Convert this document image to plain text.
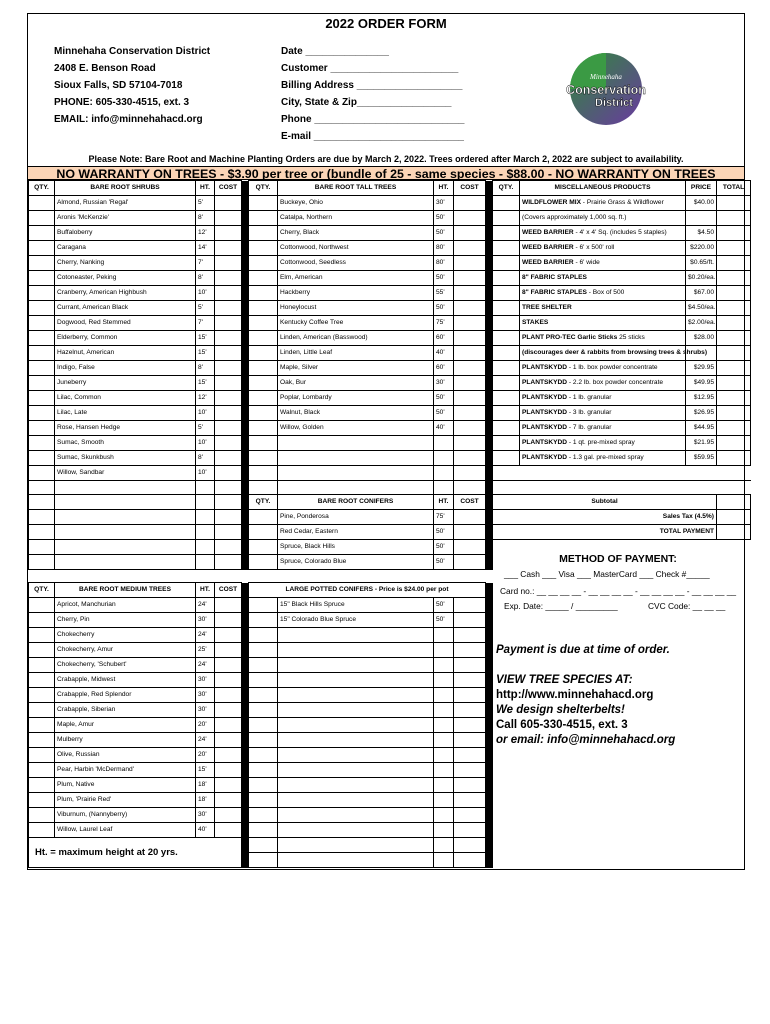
2022 ORDER FORM
Minnehaha Conservation District
2408 E. Benson Road
Sioux Falls, SD 57104-7018
PHONE: 605-330-4515, ext. 3
EMAIL: info@minnehahacd.org
Date _______________
Customer _______________________
Billing Address ___________________
City, State & Zip_________________
Phone ___________________________
E-mail ___________________________
Minnehaha
Conservation
District
Please Note: Bare Root and Machine Planting Orders are due by March 2, 2022. Trees ordered after March 2, 2022 are subject to availability.
NO WARRANTY ON TREES - $3.90 per tree or (bundle of 25 - same species - $88.00 - NO WARRANTY ON TREES
QTY.	BARE ROOT SHRUBS	HT.	COST		QTY.	BARE ROOT TALL TREES	HT.	COST		QTY.	MISCELLANEOUS PRODUCTS	PRICE	TOTAL
	Almond, Russian 'Regal'	5'				Buckeye, Ohio	30'				WILDFLOWER MIX - Prairie Grass & Wildflower	$40.00	
	Aronis 'McKenzie'	8'				Catalpa, Northern	50'				(Covers approximately 1,000 sq. ft.)		
	Buffaloberry	12'				Cherry, Black	50'				WEED BARRIER - 4' x 4' Sq. (includes 5 staples)	$4.50	
	Caragana	14'				Cottonwood, Northwest	80'				WEED BARRIER - 6' x 500' roll	$220.00	
	Cherry, Nanking	7'				Cottonwood, Seedless	80'				WEED BARRIER - 6' wide	$0.65/ft.	
	Cotoneaster, Peking	8'				Elm, American	50'				8" FABRIC STAPLES	$0.20/ea.	
	Cranberry, American Highbush	10'				Hackberry	55'				8" FABRIC STAPLES - Box of 500	$67.00	
	Currant, American Black	5'				Honeylocust	50'				TREE SHELTER	$4.50/ea.	
	Dogwood, Red Stemmed	7'				Kentucky Coffee Tree	75'				STAKES	$2.00/ea.	
	Elderberry, Common	15'				Linden, American (Basswood)	60'				PLANT PRO-TEC Garlic Sticks 25 sticks	$28.00	
	Hazelnut, American	15'				Linden, Little Leaf	40'				(discourages deer & rabbits from browsing trees & shrubs)		
	Indigo, False	8'				Maple, Silver	60'				PLANTSKYDD - 1 lb. box powder concentrate	$29.95	
	Juneberry	15'				Oak, Bur	30'				PLANTSKYDD - 2.2 lb. box powder concentrate	$49.95	
	Lilac, Common	12'				Poplar, Lombardy	50'				PLANTSKYDD - 1 lb. granular	$12.95	
	Lilac, Late	10'				Walnut, Black	50'				PLANTSKYDD - 3 lb. granular	$26.95	
	Rose, Hansen Hedge	5'				Willow, Golden	40'				PLANTSKYDD - 7 lb. granular	$44.95	
	Sumac, Smooth	10'									PLANTSKYDD - 1 qt. pre-mixed spray	$21.95	
	Sumac, Skunkbush	8'									PLANTSKYDD - 1.3 gal. pre-mixed spray	$59.95	
	Willow, Sandbar	10'											

					QTY.	BARE ROOT CONIFERS	HT.	COST		Subtotal			
						Pine, Ponderosa	75'			Sales Tax (4.5%)			
						Red Cedar, Eastern	50'			TOTAL PAYMENT			
						Spruce, Black Hills	50'						
						Spruce, Colorado Blue	50'						
QTY.	BARE ROOT MEDIUM TREES	HT.	COST		LARGE POTTED CONIFERS - Price is $24.00 per pot					
	Apricot, Manchurian	24'				15" Black Hills Spruce	50'			
	Cherry, Pin	30'				15" Colorado Blue Spruce	50'			
	Chokecherry	24'								
	Chokecherry, Amur	25'								
	Chokecherry, 'Schubert'	24'								
	Crabapple, Midwest	30'								
	Crabapple, Red Splendor	30'								
	Crabapple, Siberian	30'								
	Maple, Amur	20'								
	Mulberry	24'								
	Olive, Russian	20'								
	Pear, Harbin 'McDermand'	15'								
	Plum, Native	18'								
	Plum, 'Prairie Red'	18'								
	Viburnum, (Nannyberry)	30'								
	Willow, Laurel Leaf	40'								
Ht. = maximum height at 20 yrs.										

METHOD OF PAYMENT:
___ Cash ___ Visa ___ MasterCard ___ Check #_____
Card no.: __ __ __ __ - __ __ __ __ - __ __ __ __ - __ __ __ __
Exp. Date: _____ / _________	CVC Code: __ __ __
Payment is due at time of order.
VIEW TREE SPECIES AT:
http://www.minnehahacd.org
We design shelterbelts!
Call 605-330-4515, ext. 3
or email: info@minnehahacd.org
